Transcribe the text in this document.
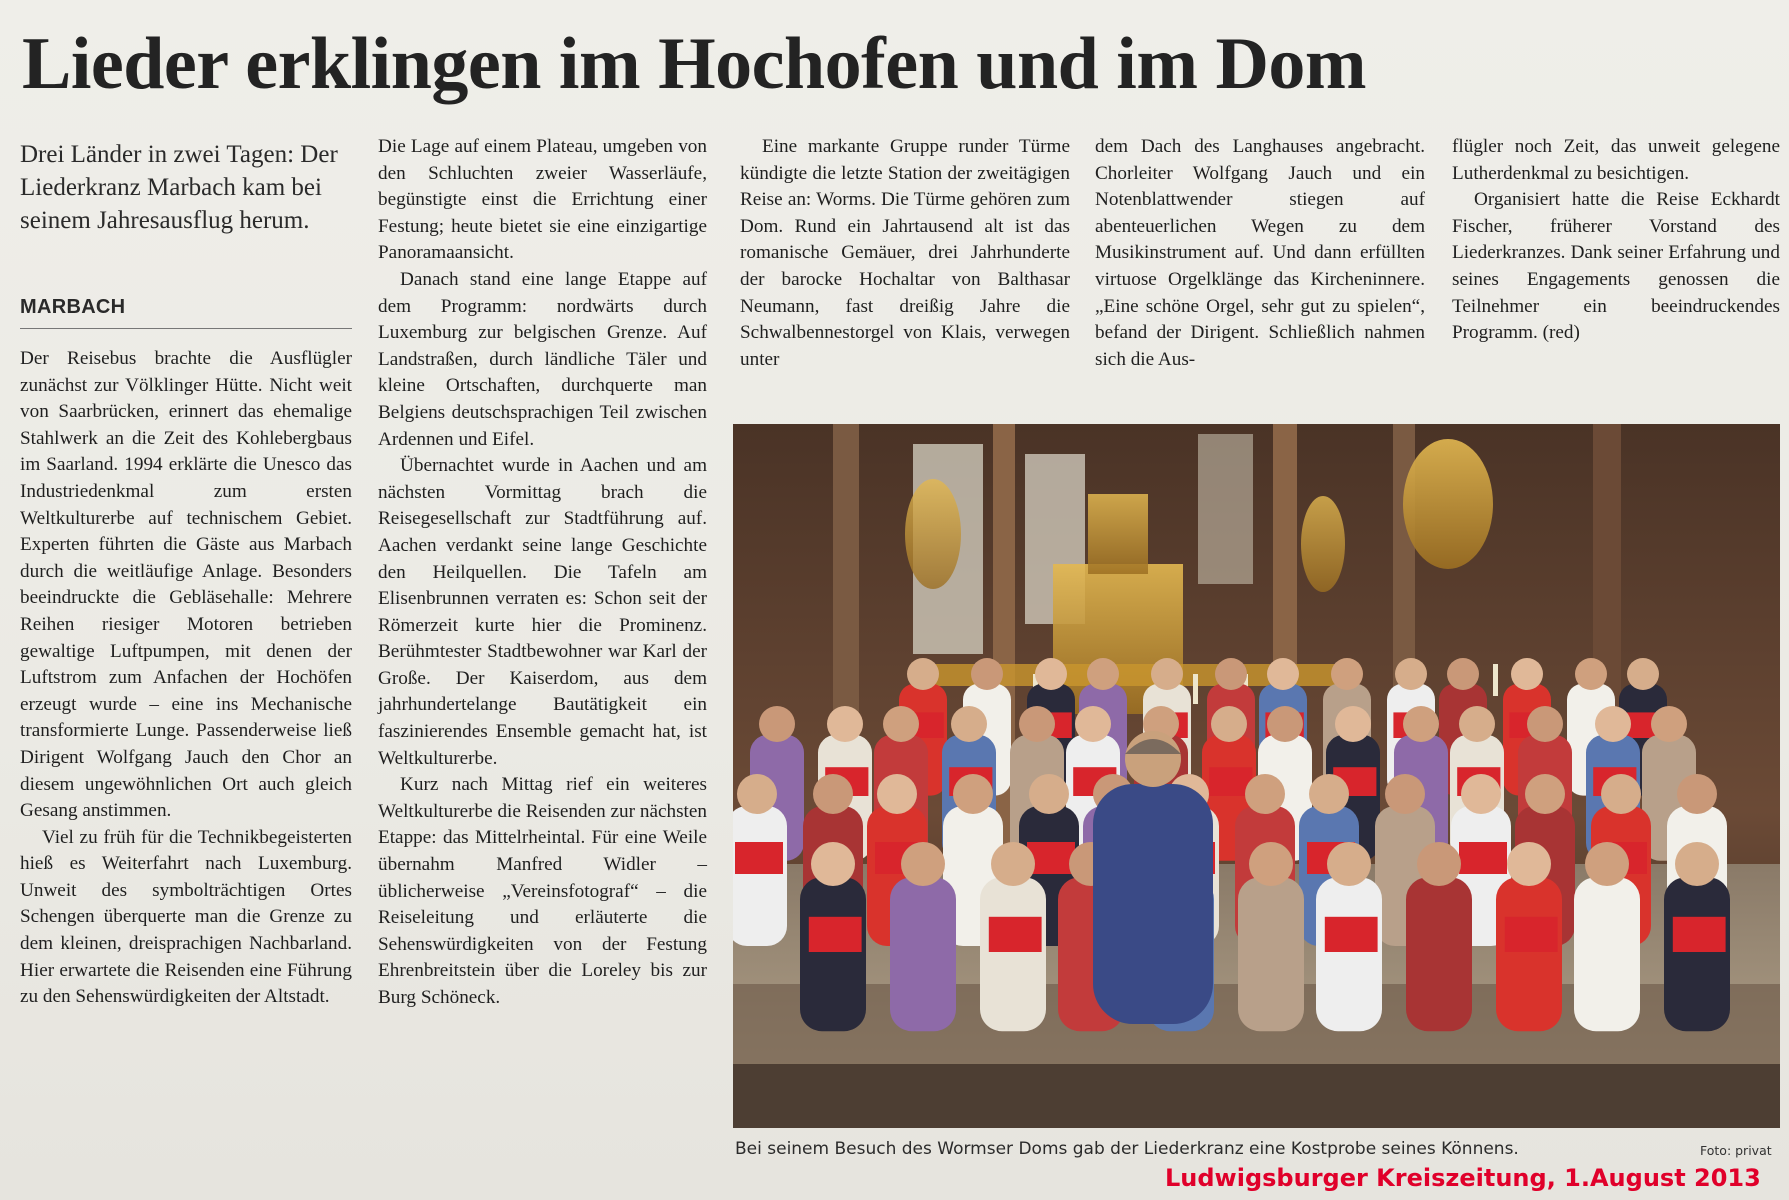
Lieder erklingen im Hochofen und im Dom
Drei Länder in zwei Tagen: Der Liederkranz Marbach kam bei seinem Jahresausflug herum.
MARBACH

Der Reisebus brachte die Ausflügler zunächst zur Völklinger Hütte. Nicht weit von Saarbrücken, erinnert das ehemalige Stahlwerk an die Zeit des Kohlebergbaus im Saarland. 1994 erklärte die Unesco das Industriedenkmal zum ersten Weltkulturerbe auf technischem Gebiet. Experten führten die Gäste aus Marbach durch die weitläufige Anlage. Besonders beeindruckte die Gebläsehalle: Mehrere Reihen riesiger Motoren betrieben gewaltige Luftpumpen, mit denen der Luftstrom zum Anfachen der Hochöfen erzeugt wurde – eine ins Mechanische transformierte Lunge. Passenderweise ließ Dirigent Wolfgang Jauch den Chor an diesem ungewöhnlichen Ort auch gleich Gesang anstimmen.

Viel zu früh für die Technikbegeisterten hieß es Weiterfahrt nach Luxemburg. Unweit des symbolträchtigen Ortes Schengen überquerte man die Grenze zu dem kleinen, dreisprachigen Nachbarland. Hier erwartete die Reisenden eine Führung zu den Sehenswürdigkeiten der Altstadt.

Die Lage auf einem Plateau, umgeben von den Schluchten zweier Wasserläufe, begünstigte einst die Errichtung einer Festung; heute bietet sie eine einzigartige Panoramaansicht.

Danach stand eine lange Etappe auf dem Programm: nordwärts durch Luxemburg zur belgischen Grenze. Auf Landstraßen, durch ländliche Täler und kleine Ortschaften, durchquerte man Belgiens deutschsprachigen Teil zwischen Ardennen und Eifel.

Übernachtet wurde in Aachen und am nächsten Vormittag brach die Reisegesellschaft zur Stadtführung auf. Aachen verdankt seine lange Geschichte den Heilquellen. Die Tafeln am Elisenbrunnen verraten es: Schon seit der Römerzeit kurte hier die Prominenz. Berühmtester Stadtbewohner war Karl der Große. Der Kaiserdom, aus dem jahrhundertelange Bautätigkeit ein faszinierendes Ensemble gemacht hat, ist Weltkulturerbe.

Kurz nach Mittag rief ein weiteres Weltkulturerbe die Reisenden zur nächsten Etappe: das Mittelrheintal. Für eine Weile übernahm Manfred Widler – üblicherweise „Vereinsfotograf“ – die Reiseleitung und erläuterte die Sehenswürdigkeiten von der Festung Ehrenbreitstein über die Loreley bis zur Burg Schöneck.

Eine markante Gruppe runder Türme kündigte die letzte Station der zweitägigen Reise an: Worms. Die Türme gehören zum Dom. Rund ein Jahrtausend alt ist das romanische Gemäuer, drei Jahrhunderte der barocke Hochaltar von Balthasar Neumann, fast dreißig Jahre die Schwalbennestorgel von Klais, verwegen unter

dem Dach des Langhauses angebracht. Chorleiter Wolfgang Jauch und ein Notenblattwender stiegen auf abenteuerlichen Wegen zu dem Musikinstrument auf. Und dann erfüllten virtuose Orgelklänge das Kircheninnere. „Eine schöne Orgel, sehr gut zu spielen“, befand der Dirigent. Schließlich nahmen sich die Aus-

flügler noch Zeit, das unweit gelegene Lutherdenkmal zu besichtigen.

Organisiert hatte die Reise Eckhardt Fischer, früherer Vorstand des Liederkranzes. Dank seiner Erfahrung und seines Engagements genossen die Teilnehmer ein beeindruckendes Programm. (red)

Bei seinem Besuch des Wormser Doms gab der Liederkranz eine Kostprobe seines Könnens.	Foto: privat
Ludwigsburger Kreiszeitung, 1.August 2013
